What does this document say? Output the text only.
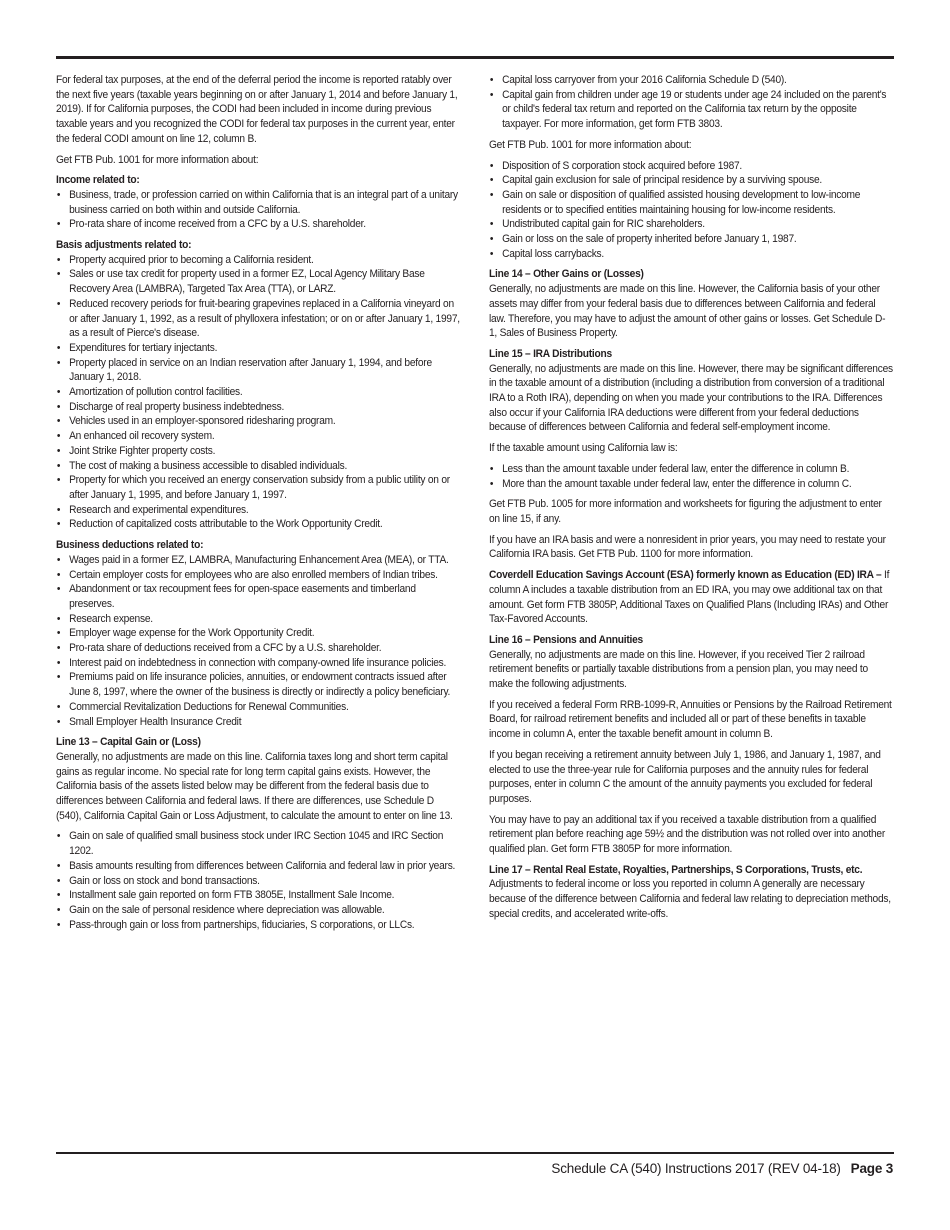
For federal tax purposes, at the end of the deferral period the income is reported ratably over the next five years (taxable years beginning on or after January 1, 2014 and before January 1, 2019). If for California purposes, the CODI had been included in income during previous taxable years and you recognized the CODI for federal tax purposes in the current year, enter the federal CODI amount on line 12, column B.

Get FTB Pub. 1001 for more information about:

Income related to:
• Business, trade, or profession carried on within California that is an integral part of a unitary business carried on both within and outside California.
• Pro-rata share of income received from a CFC by a U.S. shareholder.
Basis adjustments related to:
• Property acquired prior to becoming a California resident.
• Sales or use tax credit for property used in a former EZ, Local Agency Military Base Recovery Area (LAMBRA), Targeted Tax Area (TTA), or LARZ.
• Reduced recovery periods for fruit-bearing grapevines replaced in a California vineyard on or after January 1, 1992, as a result of phylloxera infestation; or on or after January 1, 1997, as a result of Pierce's disease.
• Expenditures for tertiary injectants.
• Property placed in service on an Indian reservation after January 1, 1994, and before January 1, 2018.
• Amortization of pollution control facilities.
• Discharge of real property business indebtedness.
• Vehicles used in an employer-sponsored ridesharing program.
• An enhanced oil recovery system.
• Joint Strike Fighter property costs.
• The cost of making a business accessible to disabled individuals.
• Property for which you received an energy conservation subsidy from a public utility on or after January 1, 1995, and before January 1, 1997.
• Research and experimental expenditures.
• Reduction of capitalized costs attributable to the Work Opportunity Credit.
Business deductions related to:
• Wages paid in a former EZ, LAMBRA, Manufacturing Enhancement Area (MEA), or TTA.
• Certain employer costs for employees who are also enrolled members of Indian tribes.
• Abandonment or tax recoupment fees for open-space easements and timberland preserves.
• Research expense.
• Employer wage expense for the Work Opportunity Credit.
• Pro-rata share of deductions received from a CFC by a U.S. shareholder.
• Interest paid on indebtedness in connection with company-owned life insurance policies.
• Premiums paid on life insurance policies, annuities, or endowment contracts issued after June 8, 1997, where the owner of the business is directly or indirectly a policy beneficiary.
• Commercial Revitalization Deductions for Renewal Communities.
• Small Employer Health Insurance Credit
Line 13 – Capital Gain or (Loss)

Generally, no adjustments are made on this line. California taxes long and short term capital gains as regular income. No special rate for long term capital gains exists. However, the California basis of the assets listed below may be different from the federal basis due to differences between California and federal laws. If there are differences, use Schedule D (540), California Capital Gain or Loss Adjustment, to calculate the amount to enter on line 13.

• Gain on sale of qualified small business stock under IRC Section 1045 and IRC Section 1202.
• Basis amounts resulting from differences between California and federal law in prior years.
• Gain or loss on stock and bond transactions.
• Installment sale gain reported on form FTB 3805E, Installment Sale Income.
• Gain on the sale of personal residence where depreciation was allowable.
• Pass-through gain or loss from partnerships, fiduciaries, S corporations, or LLCs.
• Capital loss carryover from your 2016 California Schedule D (540).
• Capital gain from children under age 19 or students under age 24 included on the parent's or child's federal tax return and reported on the California tax return by the opposite taxpayer. For more information, get form FTB 3803.

Get FTB Pub. 1001 for more information about:

• Disposition of S corporation stock acquired before 1987.
• Capital gain exclusion for sale of principal residence by a surviving spouse.
• Gain on sale or disposition of qualified assisted housing development to low-income residents or to specified entities maintaining housing for low-income residents.
• Undistributed capital gain for RIC shareholders.
• Gain or loss on the sale of property inherited before January 1, 1987.
• Capital loss carrybacks.
Line 14 – Other Gains or (Losses)

Generally, no adjustments are made on this line. However, the California basis of your other assets may differ from your federal basis due to differences between California and federal law. Therefore, you may have to adjust the amount of other gains or losses. Get Schedule D-1, Sales of Business Property.

Line 15 – IRA Distributions

Generally, no adjustments are made on this line. However, there may be significant differences in the taxable amount of a distribution (including a distribution from conversion of a traditional IRA to a Roth IRA), depending on when you made your contributions to the IRA. Differences also occur if your California IRA deductions were different from your federal deductions because of differences between California and federal self-employment income.

If the taxable amount using California law is:

• Less than the amount taxable under federal law, enter the difference in column B.
• More than the amount taxable under federal law, enter the difference in column C.

Get FTB Pub. 1005 for more information and worksheets for figuring the adjustment to enter on line 15, if any.

If you have an IRA basis and were a nonresident in prior years, you may need to restate your California IRA basis. Get FTB Pub. 1100 for more information.

Coverdell Education Savings Account (ESA) formerly known as Education (ED) IRA – If column A includes a taxable distribution from an ED IRA, you may owe additional tax on that amount. Get form FTB 3805P, Additional Taxes on Qualified Plans (Including IRAs) and Other Tax-Favored Accounts.

Line 16 – Pensions and Annuities

Generally, no adjustments are made on this line. However, if you received Tier 2 railroad retirement benefits or partially taxable distributions from a pension plan, you may need to make the following adjustments.

If you received a federal Form RRB-1099-R, Annuities or Pensions by the Railroad Retirement Board, for railroad retirement benefits and included all or part of these benefits in taxable income in column A, enter the taxable benefit amount in column B.

If you began receiving a retirement annuity between July 1, 1986, and January 1, 1987, and elected to use the three-year rule for California purposes and the annuity rules for federal purposes, enter in column C the amount of the annuity payments you excluded for federal purposes.

You may have to pay an additional tax if you received a taxable distribution from a qualified retirement plan before reaching age 59½ and the distribution was not rolled over into another qualified plan. Get form FTB 3805P for more information.

Line 17 – Rental Real Estate, Royalties, Partnerships, S Corporations, Trusts, etc.

Adjustments to federal income or loss you reported in column A generally are necessary because of the difference between California and federal law relating to depreciation methods, special credits, and accelerated write-offs.

Schedule CA (540) Instructions 2017 (REV 04-18) Page 3
